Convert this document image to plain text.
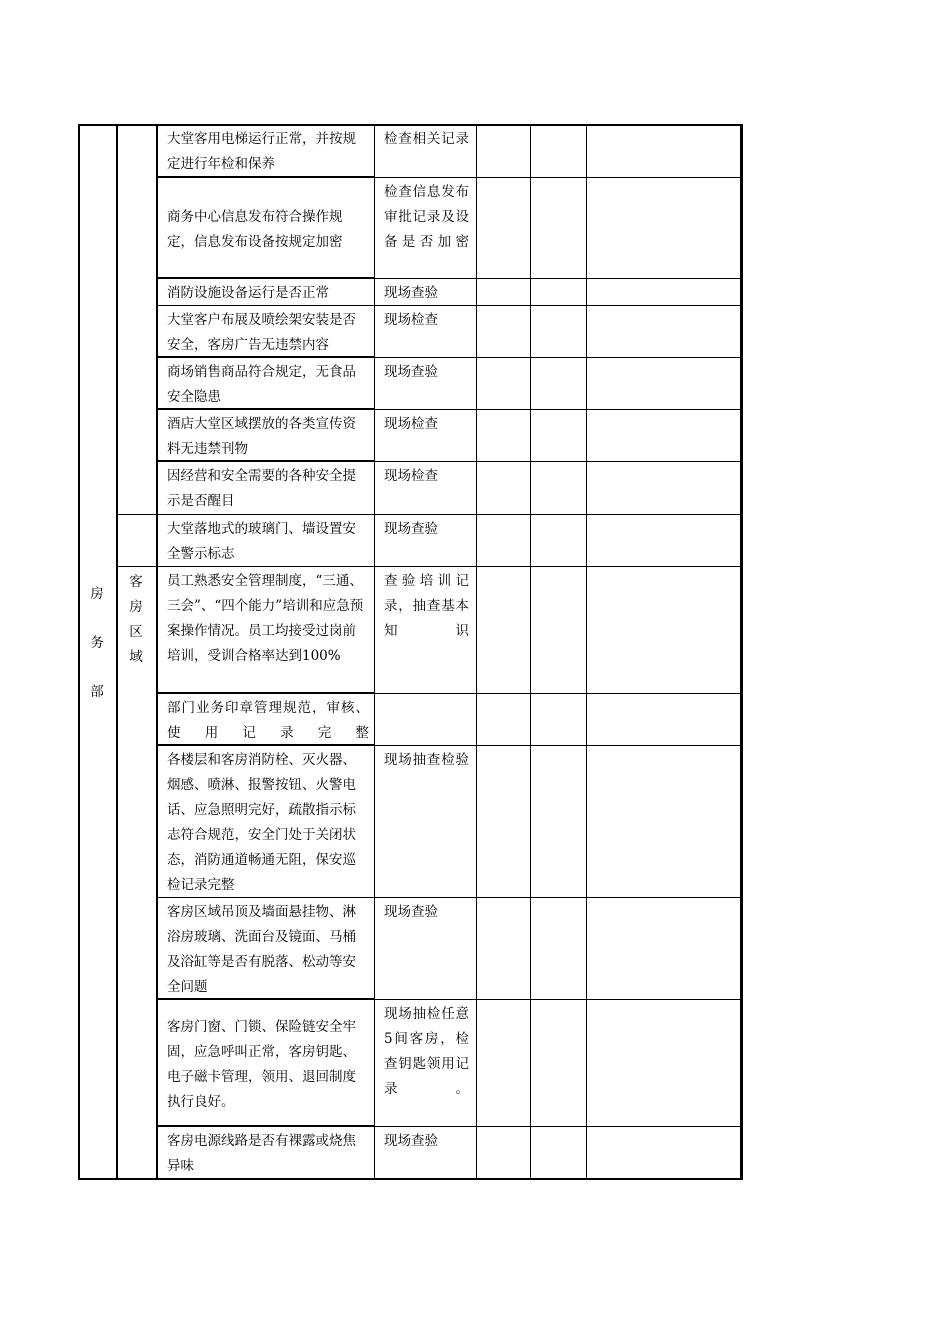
房
务
部
客
房
区
域
大堂客用电梯运行正常，并按规定进行年检和保养
检查相关记录
商务中心信息发布符合操作规定，信息发布设备按规定加密
检查信息发布审批记录及设备是否加密
消防设施设备运行是否正常	现场查验
大堂客户布展及喷绘架安装是否安全，客房广告无违禁内容
现场检查
商场销售商品符合规定，无食品安全隐患
现场查验
酒店大堂区域摆放的各类宣传资料无违禁刊物
现场检查
因经营和安全需要的各种安全提示是否醒目
现场检查
大堂落地式的玻璃门、墙设置安全警示标志
现场查验
员工熟悉安全管理制度，“三通、三会”、“四个能力”培训和应急预案操作情况。员工均接受过岗前培训，受训合格率达到100%
查验培训记录，抽查基本知识
部门业务印章管理规范，审核、使用记录完整
各楼层和客房消防栓、灭火器、烟感、喷淋、报警按钮、火警电话、应急照明完好，疏散指示标志符合规范，安全门处于关闭状态，消防通道畅通无阻，保安巡检记录完整
现场抽查检验
客房区域吊顶及墙面悬挂物、淋浴房玻璃、洗面台及镜面、马桶及浴缸等是否有脱落、松动等安全问题
现场查验
客房门窗、门锁、保险链安全牢固，应急呼叫正常，客房钥匙、电子磁卡管理，领用、退回制度执行良好。
现场抽检任意5间客房，检查钥匙领用记录。
客房电源线路是否有裸露或烧焦异味
现场查验
